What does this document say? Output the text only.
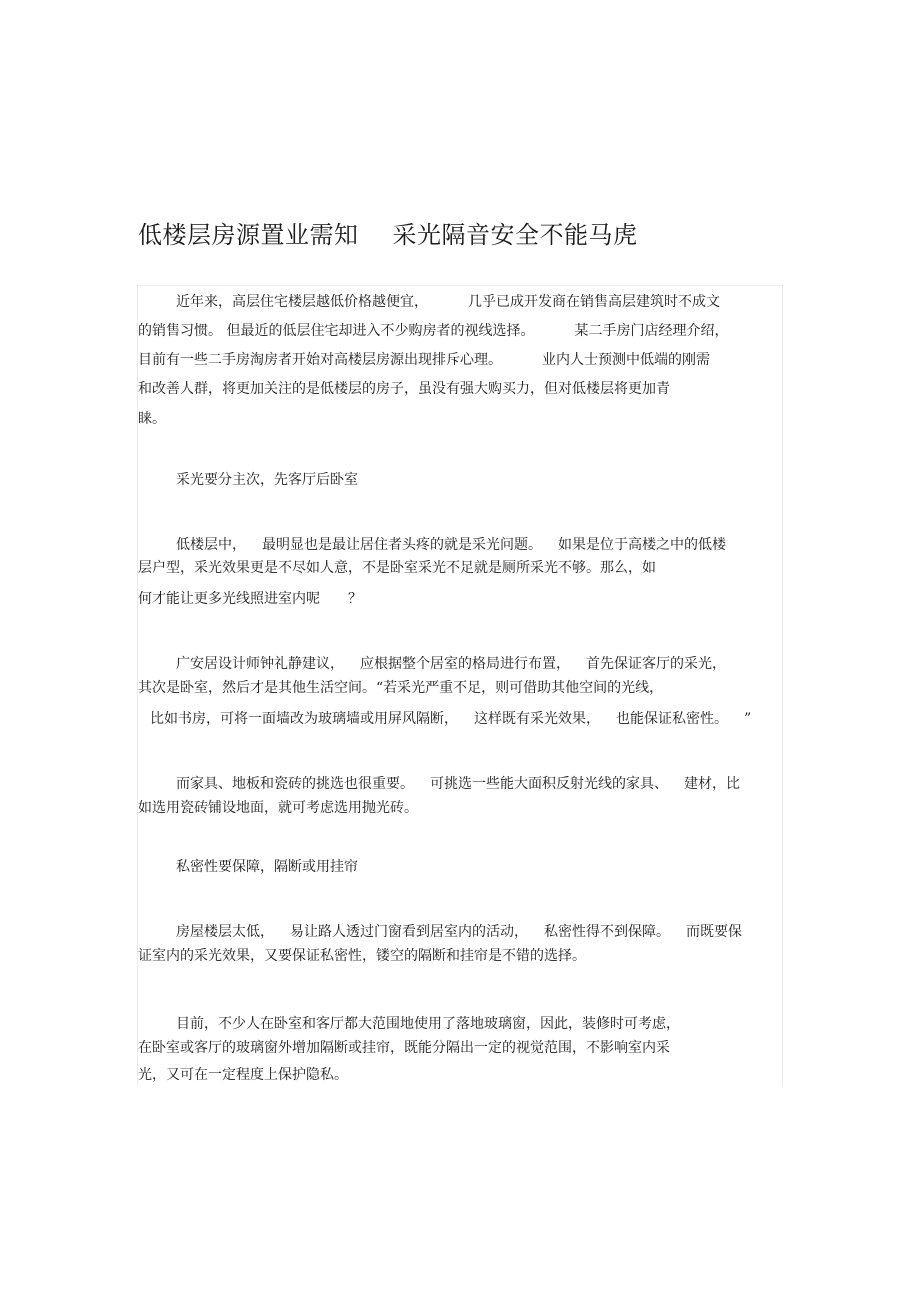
低楼层房源置业需知 采光隔音安全不能马虎
近年来，高层住宅楼层越低价格越便宜，	几乎已成开发商在销售高层建筑时不成文
的销售习惯。 但最近的低层住宅却进入不少购房者的视线选择。	某二手房门店经理介绍，
目前有一些二手房淘房者开始对高楼层房源出现排斥心理。	业内人士预测中低端的刚需
和改善人群，将更加关注的是低楼层的房子，虽没有强大购买力，但对低楼层将更加青
睐。
采光要分主次，先客厅后卧室
低楼层中， 最明显也是最让居住者头疼的就是采光问题。 如果是位于高楼之中的低楼
层户型，采光效果更是不尽如人意，不是卧室采光不足就是厕所采光不够。那么，如
何才能让更多光线照进室内呢 ？
广安居设计师钟礼静建议， 应根据整个居室的格局进行布置， 首先保证客厅的采光，
其次是卧室，然后才是其他生活空间。“若采光严重不足，则可借助其他空间的光线，
比如书房，可将一面墙改为玻璃墙或用屏风隔断， 这样既有采光效果， 也能保证私密性。 ”
而家具、地板和瓷砖的挑选也很重要。 可挑选一些能大面积反射光线的家具、 建材，比
如选用瓷砖铺设地面，就可考虑选用抛光砖。
私密性要保障，隔断或用挂帘
房屋楼层太低， 易让路人透过门窗看到居室内的活动， 私密性得不到保障。 而既要保
证室内的采光效果，又要保证私密性，镂空的隔断和挂帘是不错的选择。
目前，不少人在卧室和客厅都大范围地使用了落地玻璃窗，因此，装修时可考虑，
在卧室或客厅的玻璃窗外增加隔断或挂帘，既能分隔出一定的视觉范围，不影响室内采
光，又可在一定程度上保护隐私。
